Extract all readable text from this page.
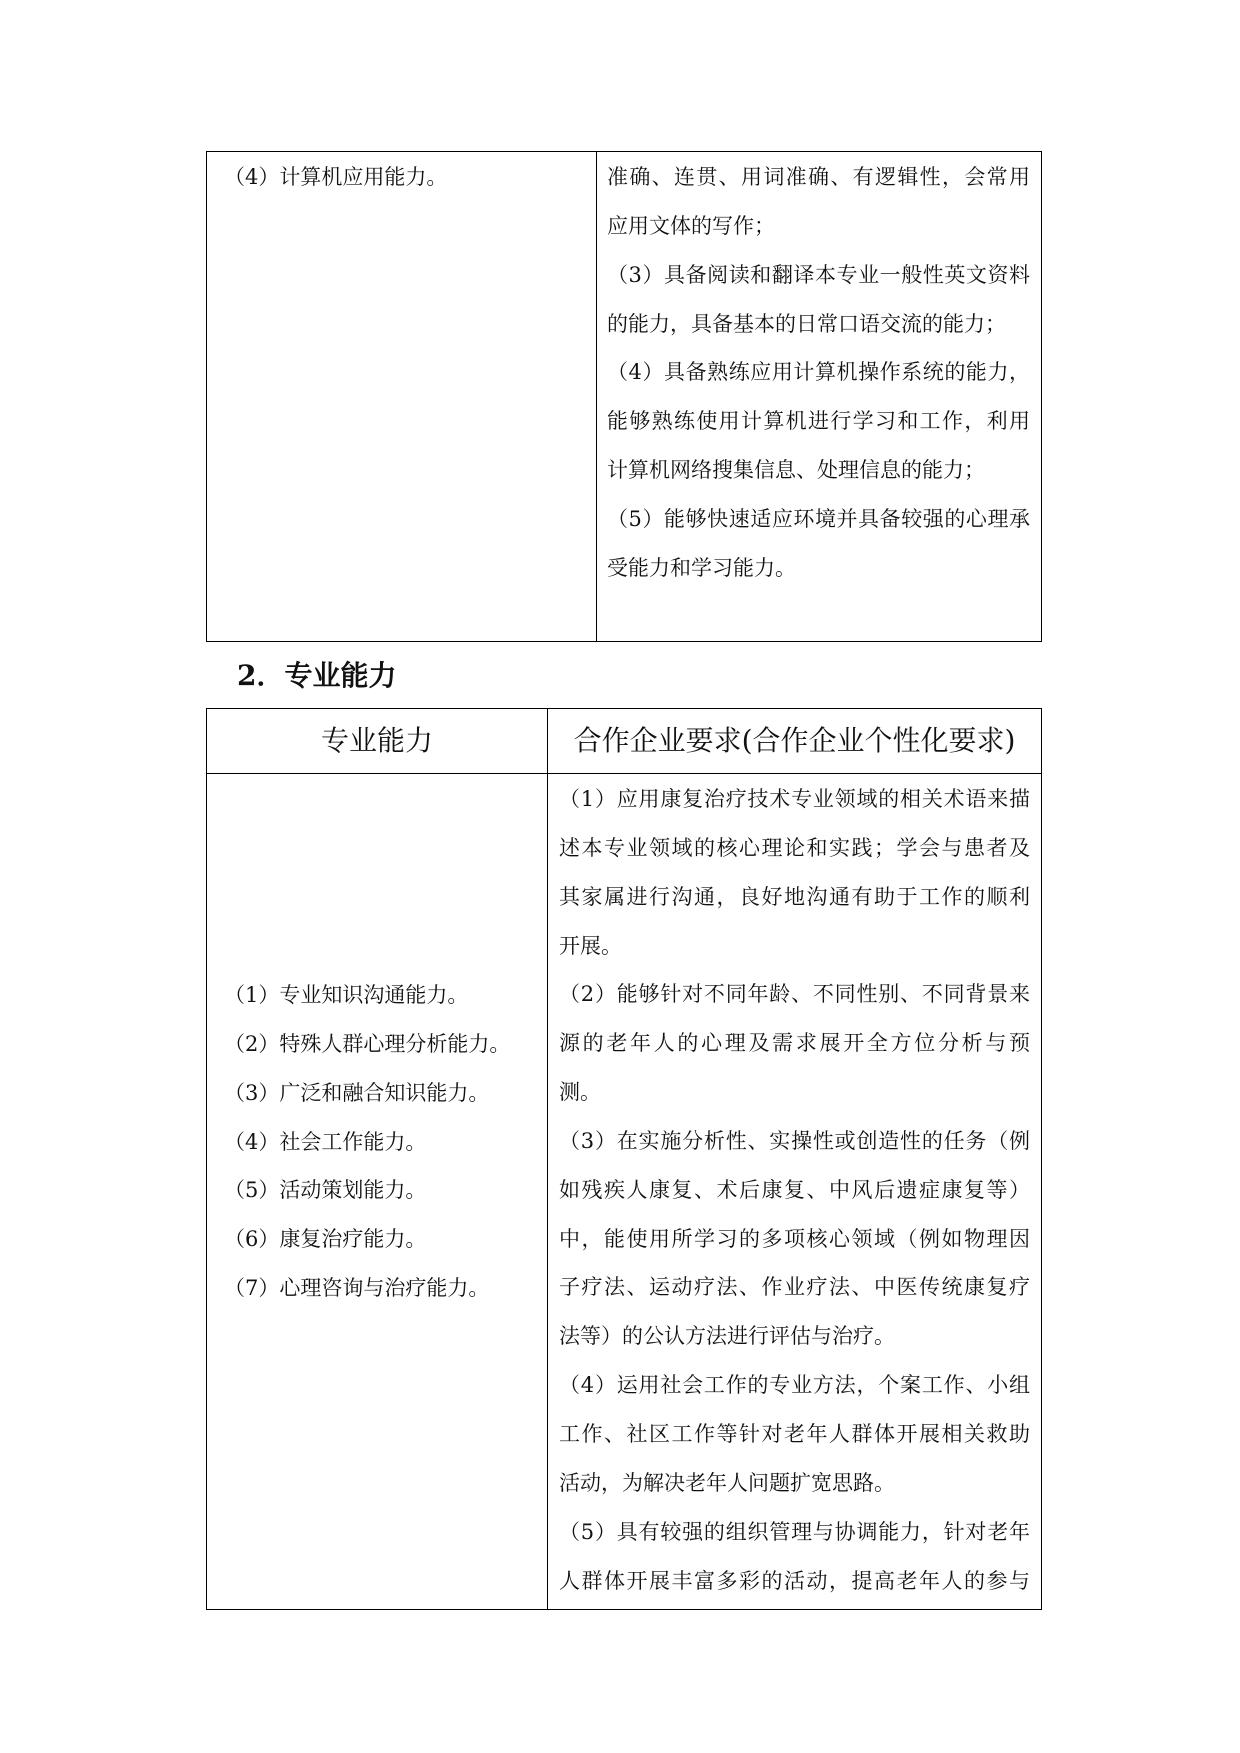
（4）计算机应用能力。	准确、连贯、用词准确、有逻辑性，会常用
应用文体的写作；
（3）具备阅读和翻译本专业一般性英文资料
的能力，具备基本的日常口语交流的能力；
（4）具备熟练应用计算机操作系统的能力，
能够熟练使用计算机进行学习和工作，利用
计算机网络搜集信息、处理信息的能力；
（5）能够快速适应环境并具备较强的心理承
受能力和学习能力。
2．专业能力
专业能力	合作企业要求(合作企业个性化要求)
（1）专业知识沟通能力。
（2）特殊人群心理分析能力。
（3）广泛和融合知识能力。
（4）社会工作能力。
（5）活动策划能力。
（6）康复治疗能力。
（7）心理咨询与治疗能力。
（1）应用康复治疗技术专业领域的相关术语来描
述本专业领域的核心理论和实践；学会与患者及
其家属进行沟通，良好地沟通有助于工作的顺利
开展。
（2）能够针对不同年龄、不同性别、不同背景来
源的老年人的心理及需求展开全方位分析与预
测。
（3）在实施分析性、实操性或创造性的任务（例
如残疾人康复、术后康复、中风后遗症康复等）
中，能使用所学习的多项核心领域（例如物理因
子疗法、运动疗法、作业疗法、中医传统康复疗
法等）的公认方法进行评估与治疗。
（4）运用社会工作的专业方法，个案工作、小组
工作、社区工作等针对老年人群体开展相关救助
活动，为解决老年人问题扩宽思路。
（5）具有较强的组织管理与协调能力，针对老年
人群体开展丰富多彩的活动，提高老年人的参与
